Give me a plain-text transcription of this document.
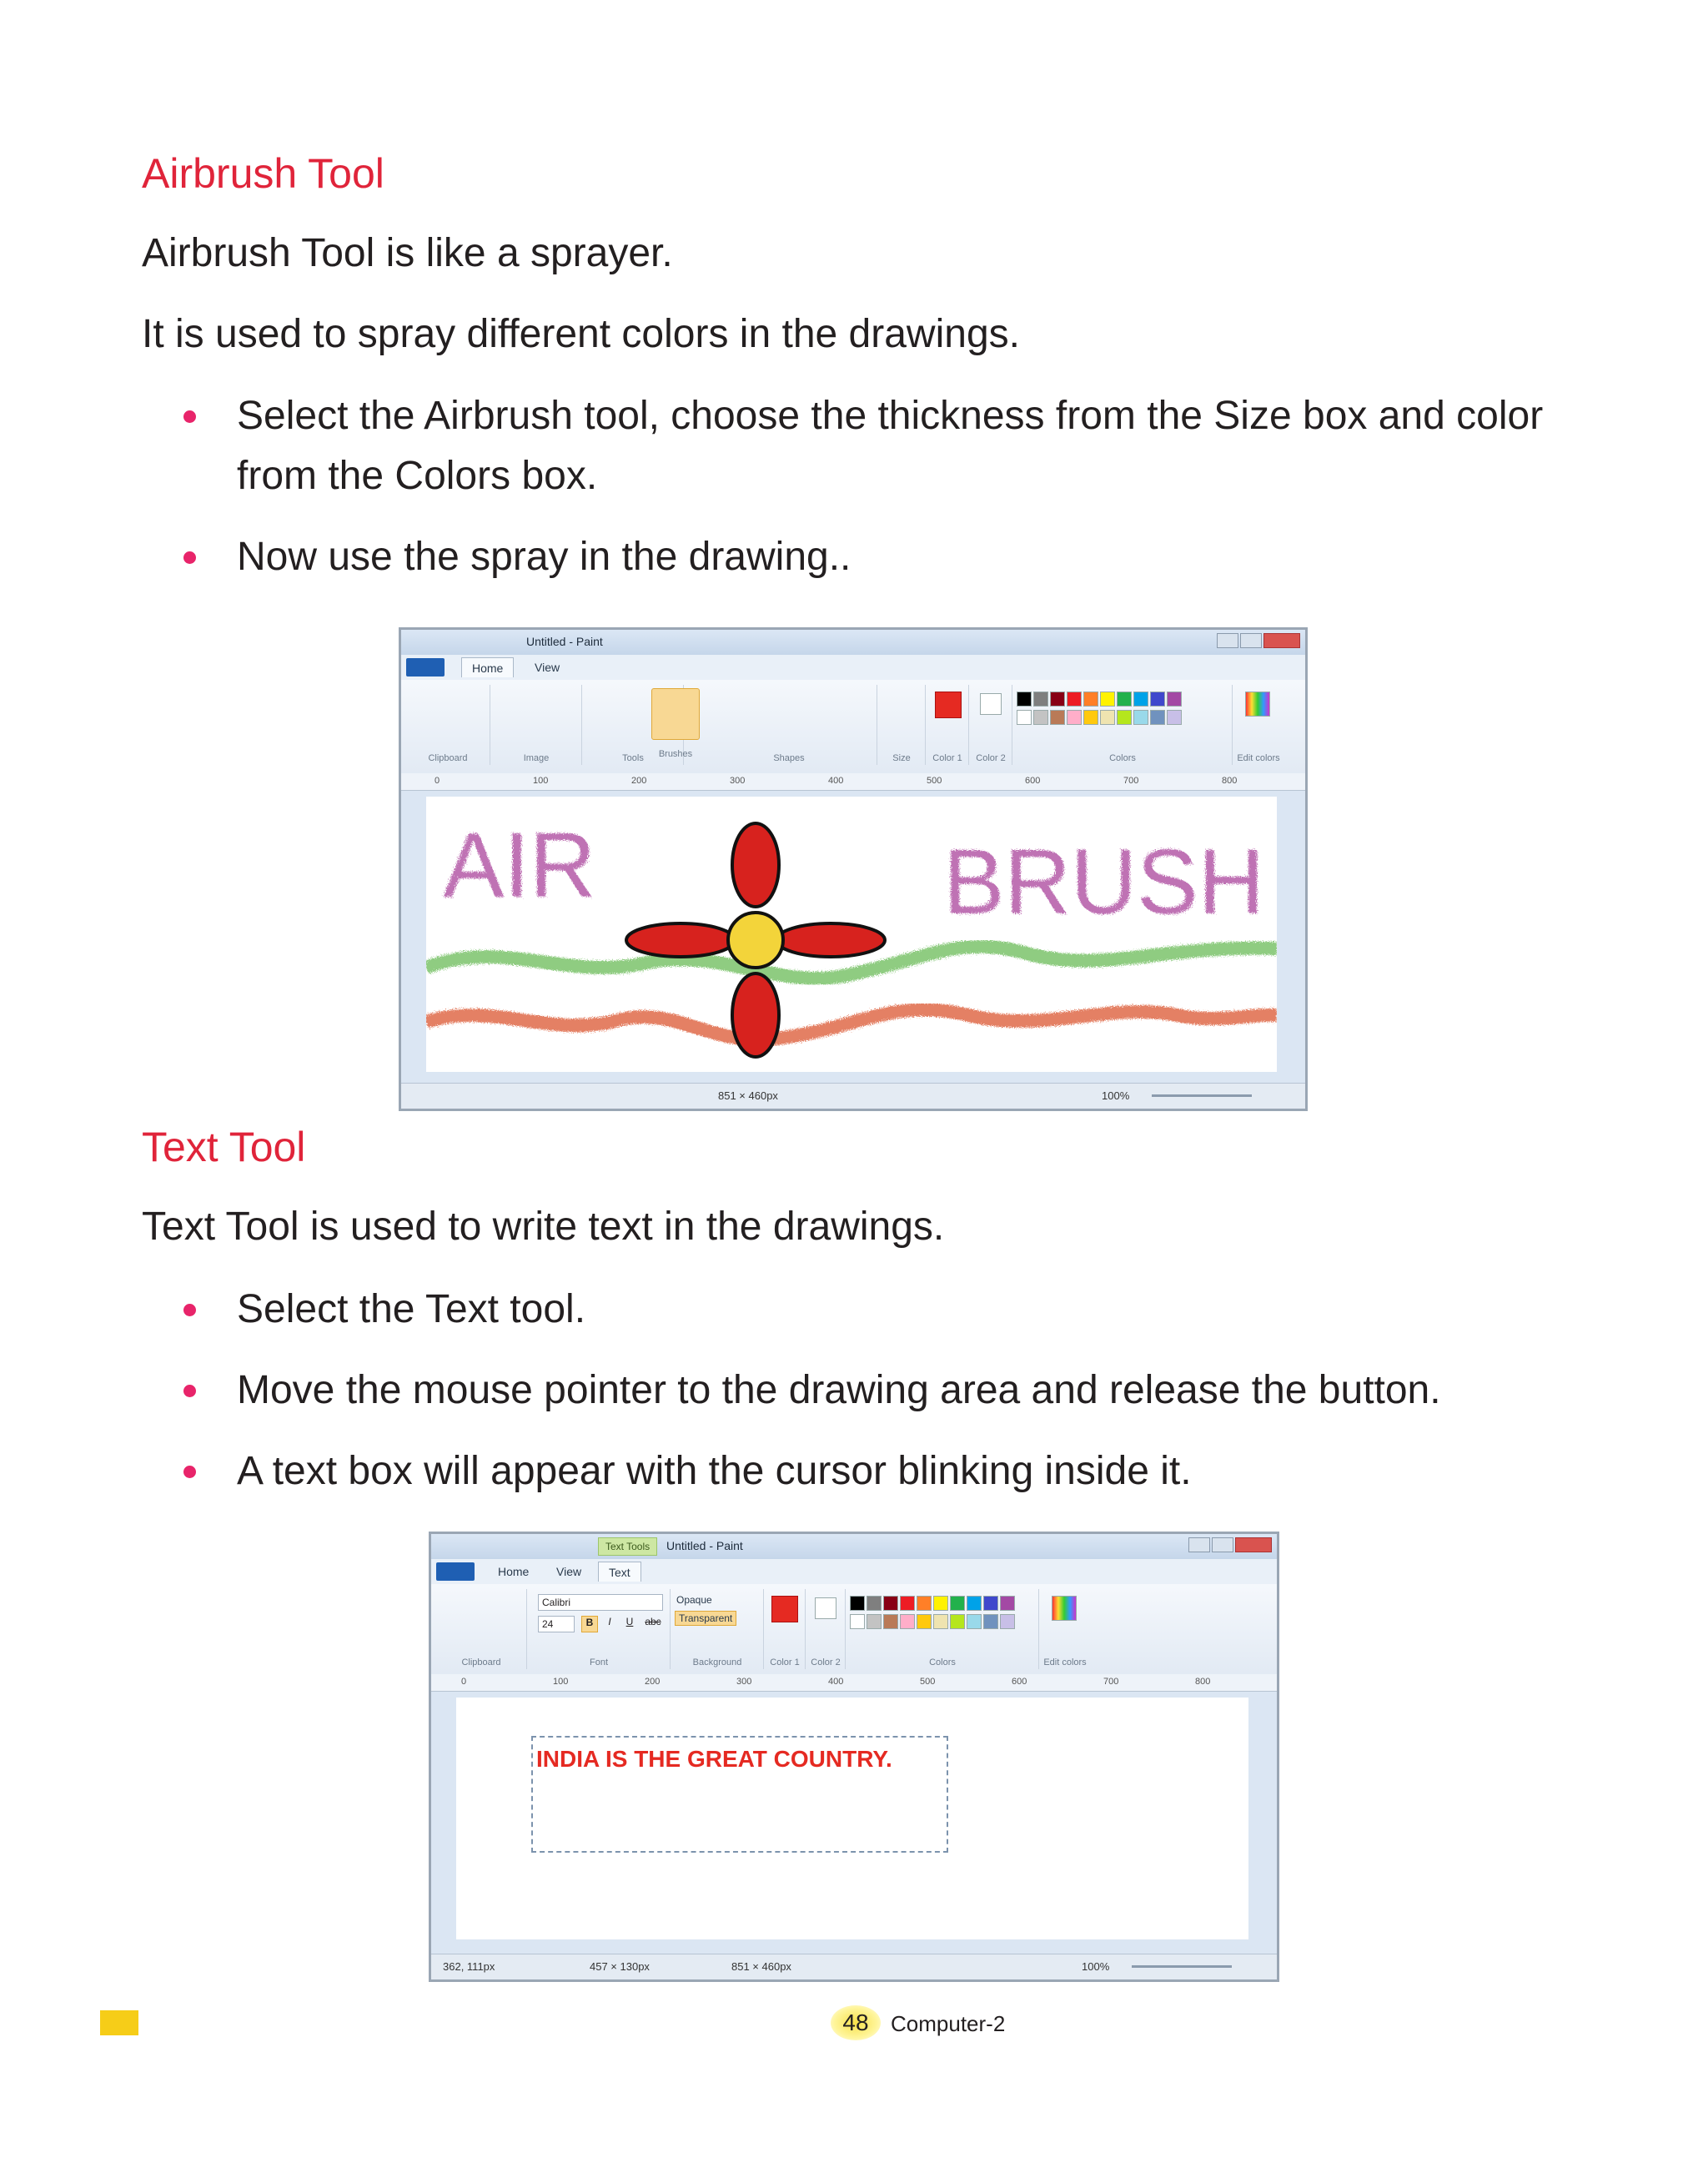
Airbrush Tool
Airbrush Tool is like a sprayer.
It is used to spray different colors in the drawings.
Select the Airbrush tool, choose the thickness from the Size box and color from the Colors box.
Now use the spray in the drawing..
Untitled - Paint
Home	View
Clipboard	Image	Tools	Brushes	Shapes	Size	Color 1	Color 2	Colors	Edit colors
0	100	200	300	400	500	600	700	800
AIR	BRUSH
851 × 460px	100%
Text Tool
Text Tool is used to write text in the drawings.
Select the Text tool.
Move the mouse pointer to the drawing area and release the button.
A text box will appear with the cursor blinking inside it.
Text Tools	Untitled - Paint
Home View	Text
Clipboard
Calibri
24	B	I	U	abc
Font
Opaque
Transparent
Background	Color 1	Color 2	Colors	Edit colors
0	100	200	300	400	500	600	700	800
INDIA IS THE GREAT COUNTRY.
362, 111px	457 × 130px	851 × 460px	100%
48	Computer-2
